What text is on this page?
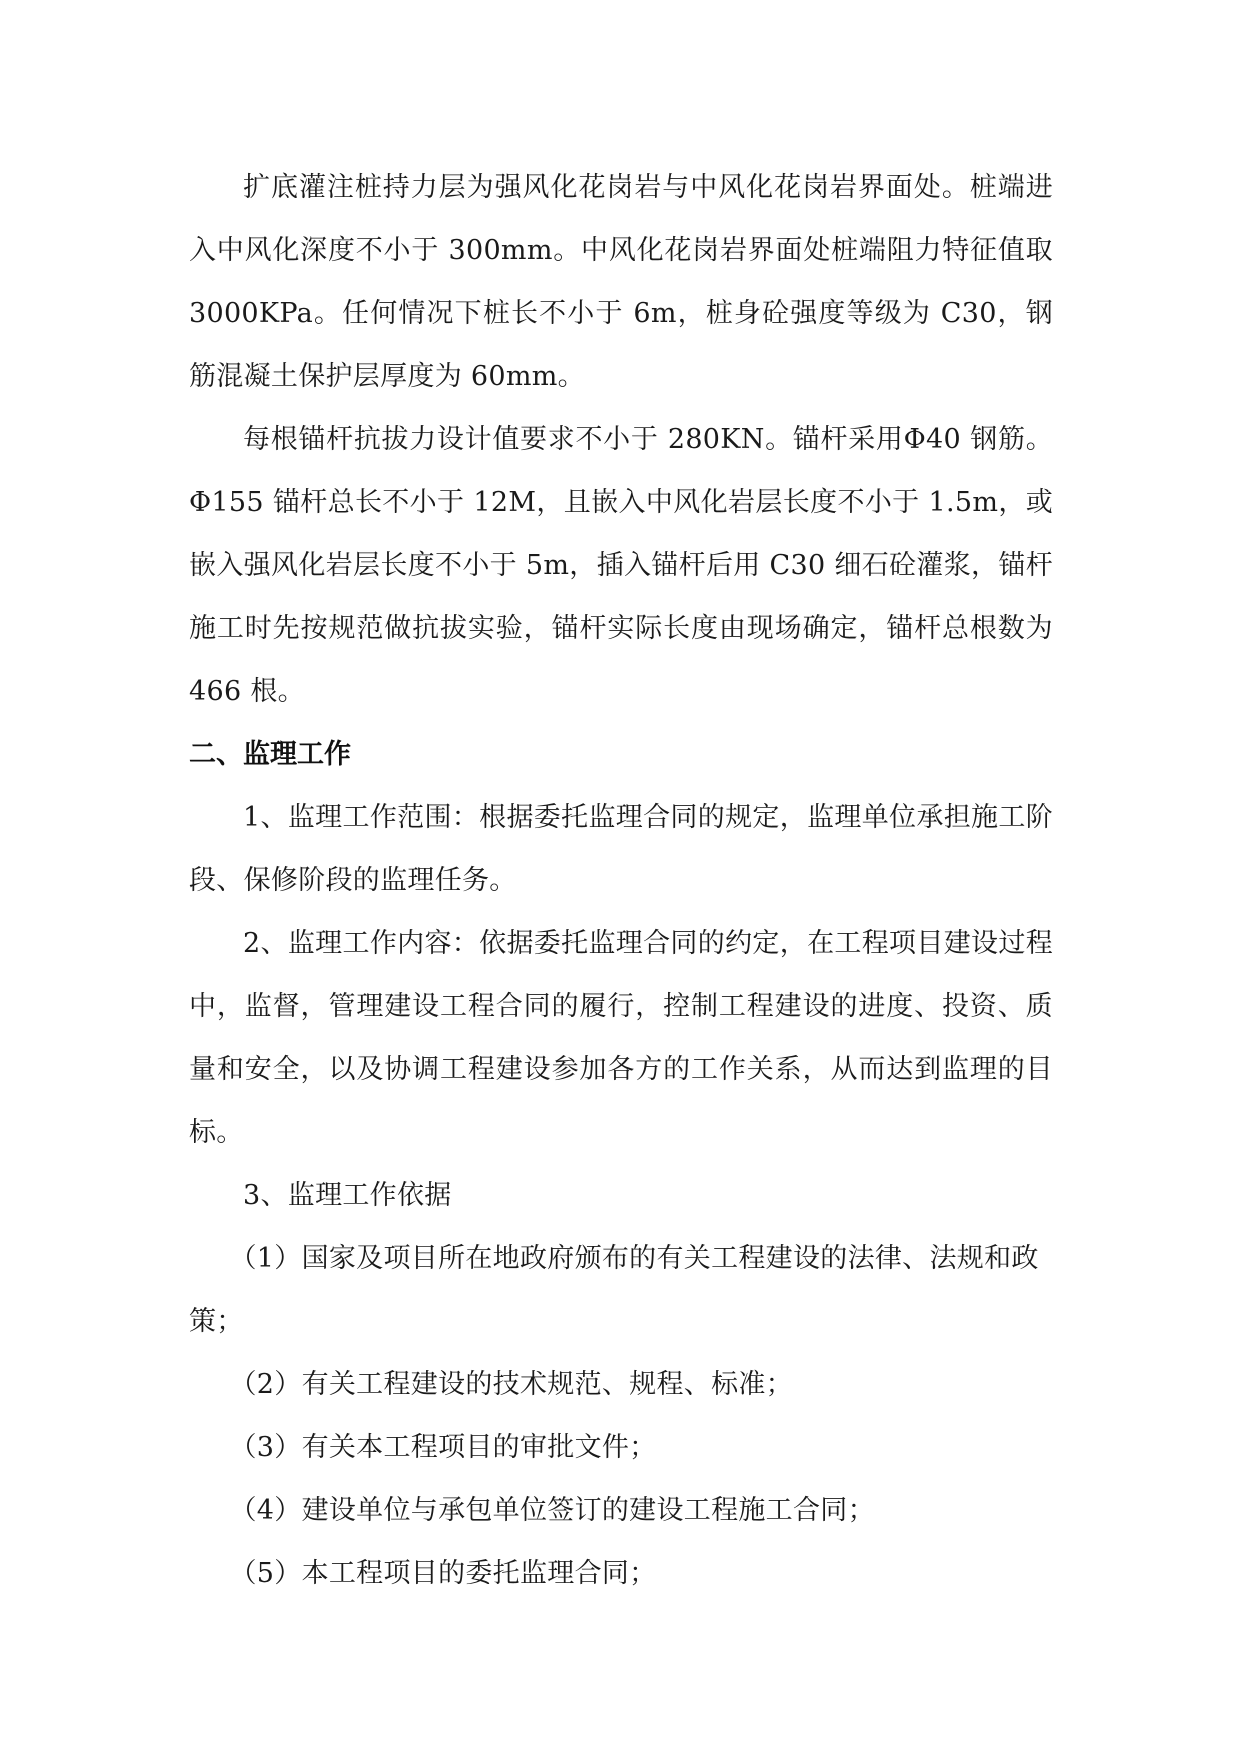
扩底灌注桩持力层为强风化花岗岩与中风化花岗岩界面处。桩端进入中风化深度不小于 300mm。中风化花岗岩界面处桩端阻力特征值取 3000KPa。任何情况下桩长不小于 6m，桩身砼强度等级为 C30，钢筋混凝土保护层厚度为 60mm。

每根锚杆抗拔力设计值要求不小于 280KN。锚杆采用Φ40 钢筋。Φ155 锚杆总长不小于 12M，且嵌入中风化岩层长度不小于 1.5m，或嵌入强风化岩层长度不小于 5m，插入锚杆后用 C30 细石砼灌浆，锚杆施工时先按规范做抗拔实验，锚杆实际长度由现场确定，锚杆总根数为 466 根。

二、监理工作

1、监理工作范围：根据委托监理合同的规定，监理单位承担施工阶段、保修阶段的监理任务。

2、监理工作内容：依据委托监理合同的约定，在工程项目建设过程中，监督，管理建设工程合同的履行，控制工程建设的进度、投资、质量和安全，以及协调工程建设参加各方的工作关系，从而达到监理的目标。

3、监理工作依据

（1）国家及项目所在地政府颁布的有关工程建设的法律、法规和政策；

（2）有关工程建设的技术规范、规程、标准；

（3）有关本工程项目的审批文件；

（4）建设单位与承包单位签订的建设工程施工合同；

（5）本工程项目的委托监理合同；
